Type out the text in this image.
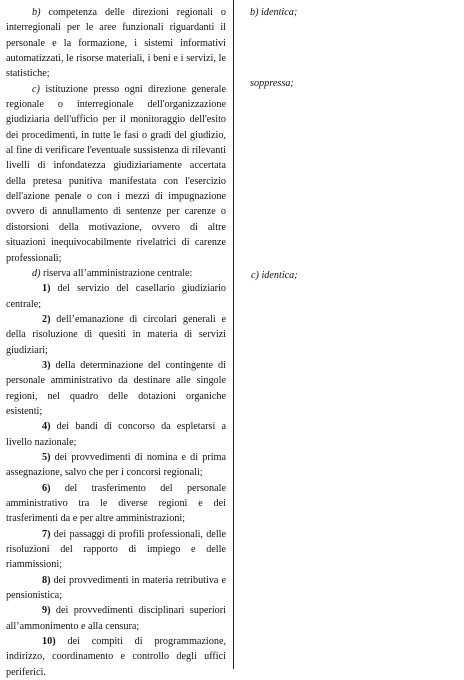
b) competenza delle direzioni regionali o interregionali per le aree funzionali riguardanti il personale e la formazione, i sistemi informativi automatizzati, le risorse materiali, i beni e i servizi, le statistiche;

c) istituzione presso ogni direzione generale regionale o interregionale dell'organizzazione giudiziaria dell'ufficio per il monitoraggio dell'esito dei procedimenti, in tutte le fasi o gradi del giudizio, al fine di verificare l'eventuale sussistenza di rilevanti livelli di infondatezza giudiziariamente accertata della pretesa punitiva manifestata con l'esercizio dell'azione penale o con i mezzi di impugnazione ovvero di annullamento di sentenze per carenze o distorsioni della motivazione, ovvero di altre situazioni inequivocabilmente rivelatrici di carenze professionali;

d) riserva all’amministrazione centrale:

1) del servizio del casellario giudiziario centrale;

2) dell’emanazione di circolari generali e della risoluzione di quesiti in materia di servizi giudiziari;

3) della determinazione del contingente di personale amministrativo da destinare alle singole regioni, nel quadro delle dotazioni organiche esistenti;

4) dei bandi di concorso da espletarsi a livello nazionale;

5) dei provvedimenti di nomina e di prima assegnazione, salvo che per i concorsi regionali;

6) del trasferimento del personale amministrativo tra le diverse regioni e dei trasferimenti da e per altre amministrazioni;

7) dei passaggi di profili professionali, delle risoluzioni del rapporto di impiego e delle riammissioni;

8) dei provvedimenti in materia retributiva e pensionistica;

9) dei provvedimenti disciplinari superiori all’ammonimento e alla censura;

10) dei compiti di programmazione, indirizzo, coordinamento e controllo degli uffici periferici.

b) identica;
soppressa;
c) identica;
